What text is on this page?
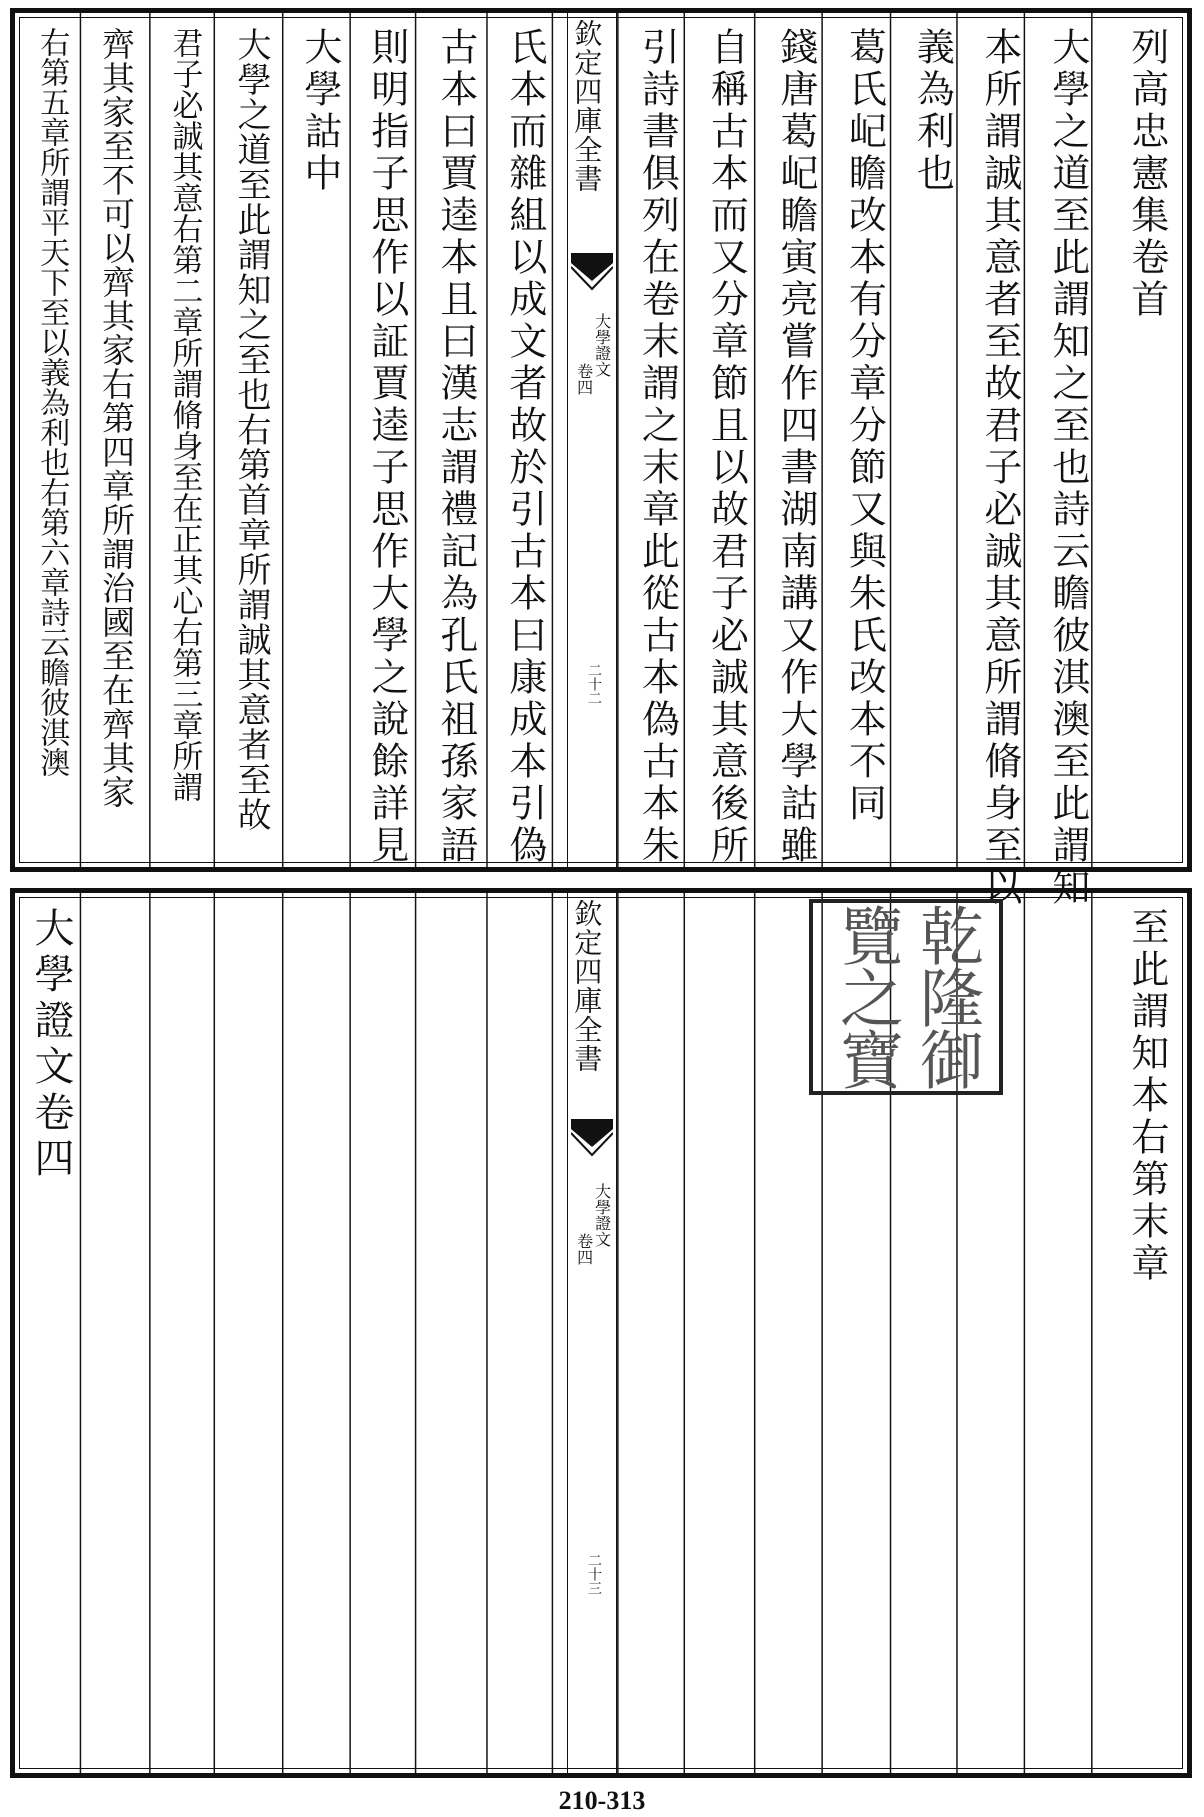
列高忠憲集卷首
大學之道至此謂知之至也詩云瞻彼淇澳至此謂知
本所謂誠其意者至故君子必誠其意所謂脩身至以
義為利也
葛氏屺瞻改本有分章分節又與朱氏改本不同
錢唐葛屺瞻寅亮嘗作四書湖南講又作大學詁雖
自稱古本而又分章節且以故君子必誠其意後所
引詩書俱列在卷末謂之末章此從古本偽古本朱
欽定四庫全書
大學證文
卷四
二十二
氏本而雜組以成文者故於引古本曰康成本引偽
古本曰賈逵本且曰漢志謂禮記為孔氏祖孫家語
則明指子思作以証賈逵子思作大學之說餘詳見
大學詁中
大學之道至此謂知之至也右第首章所謂誠其意者至故
君子必誠其意右第二章所謂脩身至在正其心右第三章所謂
齊其家至不可以齊其家右第四章所謂治國至在齊其家
右第五章所謂平天下至以義為利也右第六章詩云瞻彼淇澳
至此謂知本右第末章
乾隆御覽之寶
欽定四庫全書
大學證文
卷四
二十三
大學證文卷四
210-313
